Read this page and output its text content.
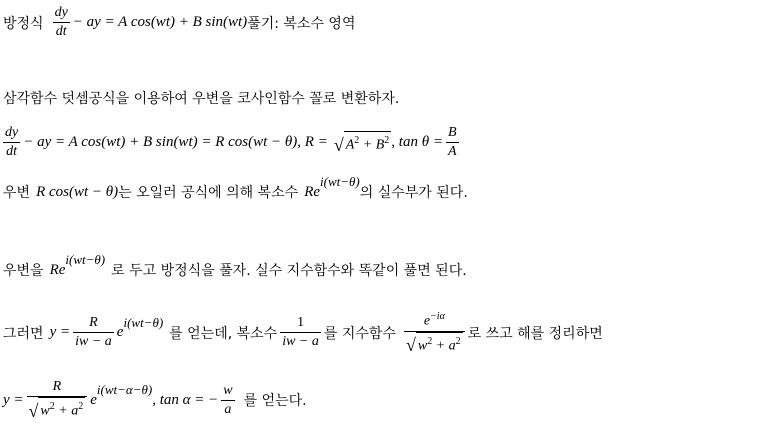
방정식 $\frac{dy}{dt}$ − ay = A cos(wt) + B sin(wt) 풀기: 복소수 영역
삼각함수 덧셈공식을 이용하여 우변을 코사인함수 꼴로 변환하자.
$\frac{dy}{dt}$ − ay = A cos(wt) + B sin(wt) = R cos(wt − θ), R = √ $A^2 + B^2$ , $\tan \theta = \frac{B}{A}$
우변 R cos(wt − θ) 는 오일러 공식에 의해 복소수 Re
i(wt−θ)
의 실수부가 된다.
우변을 Re
i(wt−θ)
로 두고 방정식을 풀자. 실수 지수함수와 똑같이 풀면 된다.
그러면 $y = \frac{R}{iw - a}$ e
i(wt−θ)
를 얻는데, 복소수 $\frac{1}{iw - a}$ 를 지수함수 $\frac{e^{-i\alpha}}{√ w^2 + a^2}$ 로 쓰고 해를 정리하면
$y = \frac{R}{√ w^2 + a^2}$ e
i(wt−α−θ)
, tan α = − $\frac{w}{a}$ 를 얻는다.
